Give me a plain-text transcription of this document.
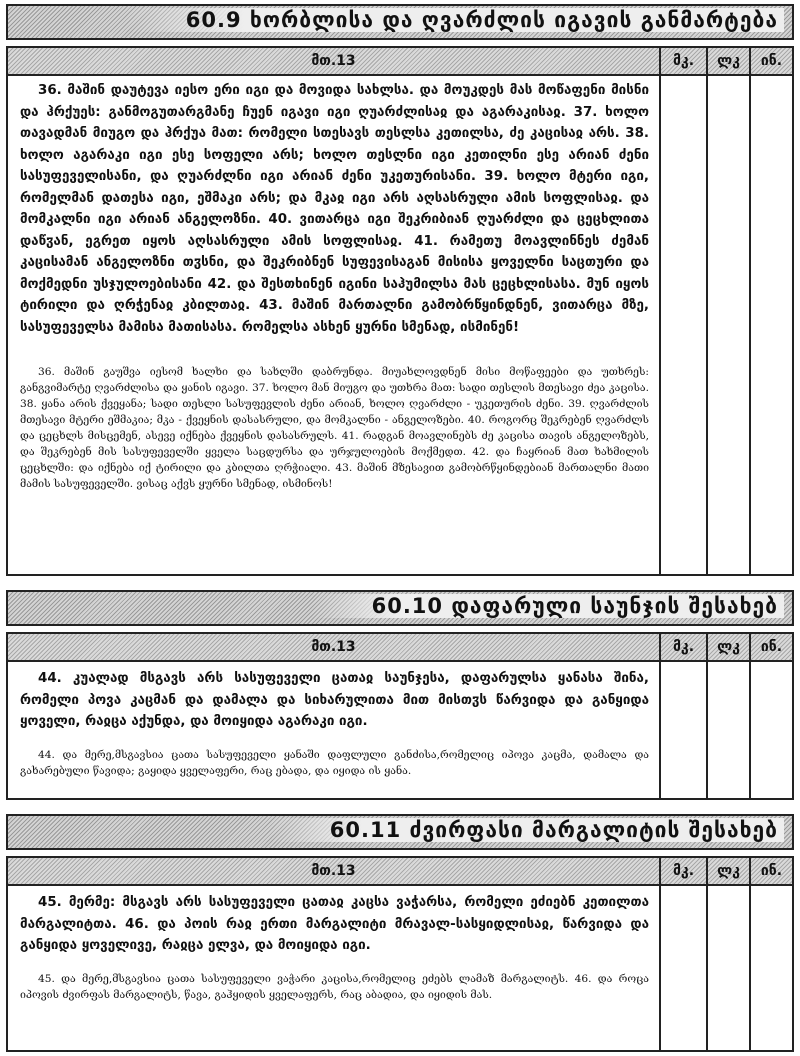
60.9 ხორბლისა და ღვარძლის იგავის განმარტება
მთ.13	მკ.	ლკ	ინ.

36. მაშინ დაუტევა იესო ერი იგი და მოვიდა სახლსა. და მოუკდეს მას მოწაფენი მისნი და ჰრქუეს: განმოგუთარგმანე ჩუენ იგავი იგი ღუარძლისაჲ და აგარაკისაჲ. 37. ხოლო თავადმან მიუგო და ჰრქუა მათ: რომელი სთესავს თესლსა კეთილსა, ძე კაცისაჲ არს. 38. ხოლო აგარაკი იგი ესე სოფელი არს; ხოლო თესლნი იგი კეთილნი ესე არიან ძენი სასუფეველისანი, და ღუარძლნი იგი არიან ძენი უკეთურისანი. 39. ხოლო მტერი იგი, რომელმან დათესა იგი, ეშმაკი არს; და მკაჲ იგი არს აღსასრული ამის სოფლისაჲ. და მომკალნი იგი არიან ანგელოზნი. 40. ვითარცა იგი შეკრიბიან ღუარძლი და ცეცხლითა დაწჳან, ეგრეთ იყოს აღსასრული ამის სოფლისაჲ. 41. რამეთუ მოავლინნეს ძემან კაცისამან ანგელოზნი თჳსნი, და შეკრიბნენ სუფევისაგან მისისა ყოველნი საცთური და მოქმედნი უსჯულოებისანი 42. და შესთხინენ იგინი საჰუმილსა მას ცეცხლისასა. მუნ იყოს ტირილი და ღრჭენაჲ კბილთაჲ. 43. მაშინ მართალნი გამობრწყინდნენ, ვითარცა მზე, სასუფეველსა მამისა მათისასა. რომელსა ასხენ ყურნი სმენად, ისმინენ!

36. მაშინ გაუშვა იესომ ხალხი და სახლში დაბრუნდა. მიუახლოვდნენ მისი მოწაფეები და უთხრეს: განგვიმარტე ღვარძლისა და ყანის იგავი. 37. ხოლო მან მიუგო და უთხრა მათ: სადი თესლის მთესავი ძეა კაცისა. 38. ყანა არის ქვეყანა; სადი თესლი სასუფევლის ძენი არიან, ხოლო ღვარძლი - უკეთურის ძენი. 39. ღვარძლის მთესავი მტერი ეშმაკია; მკა - ქვეყნის დასასრული, და მომკალნი - ანგელოზები. 40. როგორც შეკრებენ ღვარძლს და ცეცხლს მისცემენ, ასევე იქნება ქვეყნის დასასრულს. 41. რადგან მოავლინებს ძე კაცისა თავის ანგელოზებს, და შეკრებენ მის სასუფეველში ყველა საცდურსა და ურჯულოების მოქმედთ. 42. და ჩაყრიან მათ ხახმილის ცეცხლში: და იქნება იქ ტირილი და კბილთა ღრჭიალი. 43. მაშინ მზესავით გამობრწყინდებიან მართალნი მათი მამის სასუფეველში. ვისაც აქვს ყურნი სმენად, ისმინოს!

60.10 დაფარული საუნჯის შესახებ
მთ.13	მკ.	ლკ	ინ.

44. კუალად მსგავს არს სასუფეველი ცათაჲ საუნჯესა, დაფარულსა ყანასა შინა, რომელი პოვა კაცმან და დამალა და სიხარულითა მით მისთჳს წარვიდა და განყიდა ყოველი, რაჲცა აქუნდა, და მოიყიდა აგარაკი იგი.

44. და მერე,მსგავსია ცათა სასუფეველი ყანაში დაფლული განძისა,რომელიც იპოვა კაცმა, დამალა და გახარებული წავიდა; გაყიდა ყველაფერი, რაც ებადა, და იყიდა ის ყანა.

60.11 ძვირფასი მარგალიტის შესახებ
მთ.13	მკ.	ლკ	ინ.

45. მერმე: მსგავს არს სასუფეველი ცათაჲ კაცსა ვაჭარსა, რომელი ეძიებნ კეთილთა მარგალიტთა. 46. და პოის რაჲ ერთი მარგალიტი მრავალ-სასყიდლისაჲ, წარვიდა და განყიდა ყოველივე, რაჲცა ელვა, და მოიყიდა იგი.

45. და მერე,მსგავსია ცათა სასუფეველი ვაჭარი კაცისა,რომელიც ეძებს ლამაზ მარგალიტს. 46. და როცა იპოვის ძვირფას მარგალიტს, წავა, გაჰყიდის ყველაფერს, რაც აბადია, და იყიდის მას.
